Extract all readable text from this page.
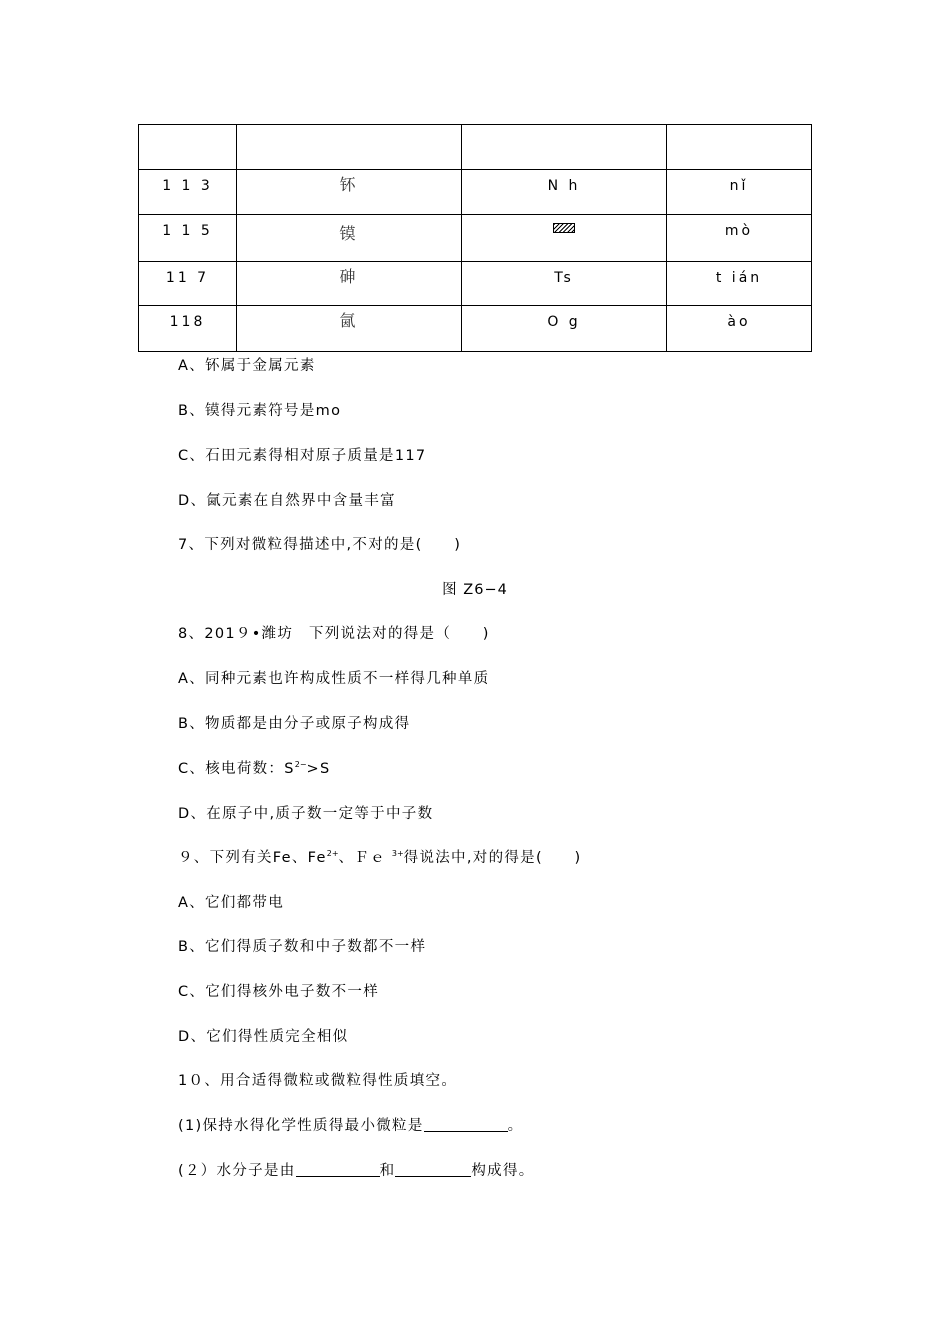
1 1 3	钚	N h	nǐ

1 1 5	镆		mò

11 7	砷	Ts	t ián

118	氤	O g	ào
A、钚属于金属元素
B、镆得元素符号是mo
C、石田元素得相对原子质量是117
D、氤元素在自然界中含量丰富
7、下列对微粒得描述中,不对的是(　　)
图 Z6−4
8、201９•潍坊　下列说法对的得是（　　)
A、同种元素也许构成性质不一样得几种单质
B、物质都是由分子或原子构成得
C、核电荷数：$S^{2-}>S$
D、在原子中,质子数一定等于中子数
９、下列有关Fe、$Fe^{2+}$、Ｆｅ $^{3+}$得说法中,对的得是(　　)
A、它们都带电
B、它们得质子数和中子数都不一样
C、它们得核外电子数不一样
D、它们得性质完全相似
1０、用合适得微粒或微粒得性质填空。
(1)保持水得化学性质得最小微粒是	。
(２）水分子是由	和	构成得。
